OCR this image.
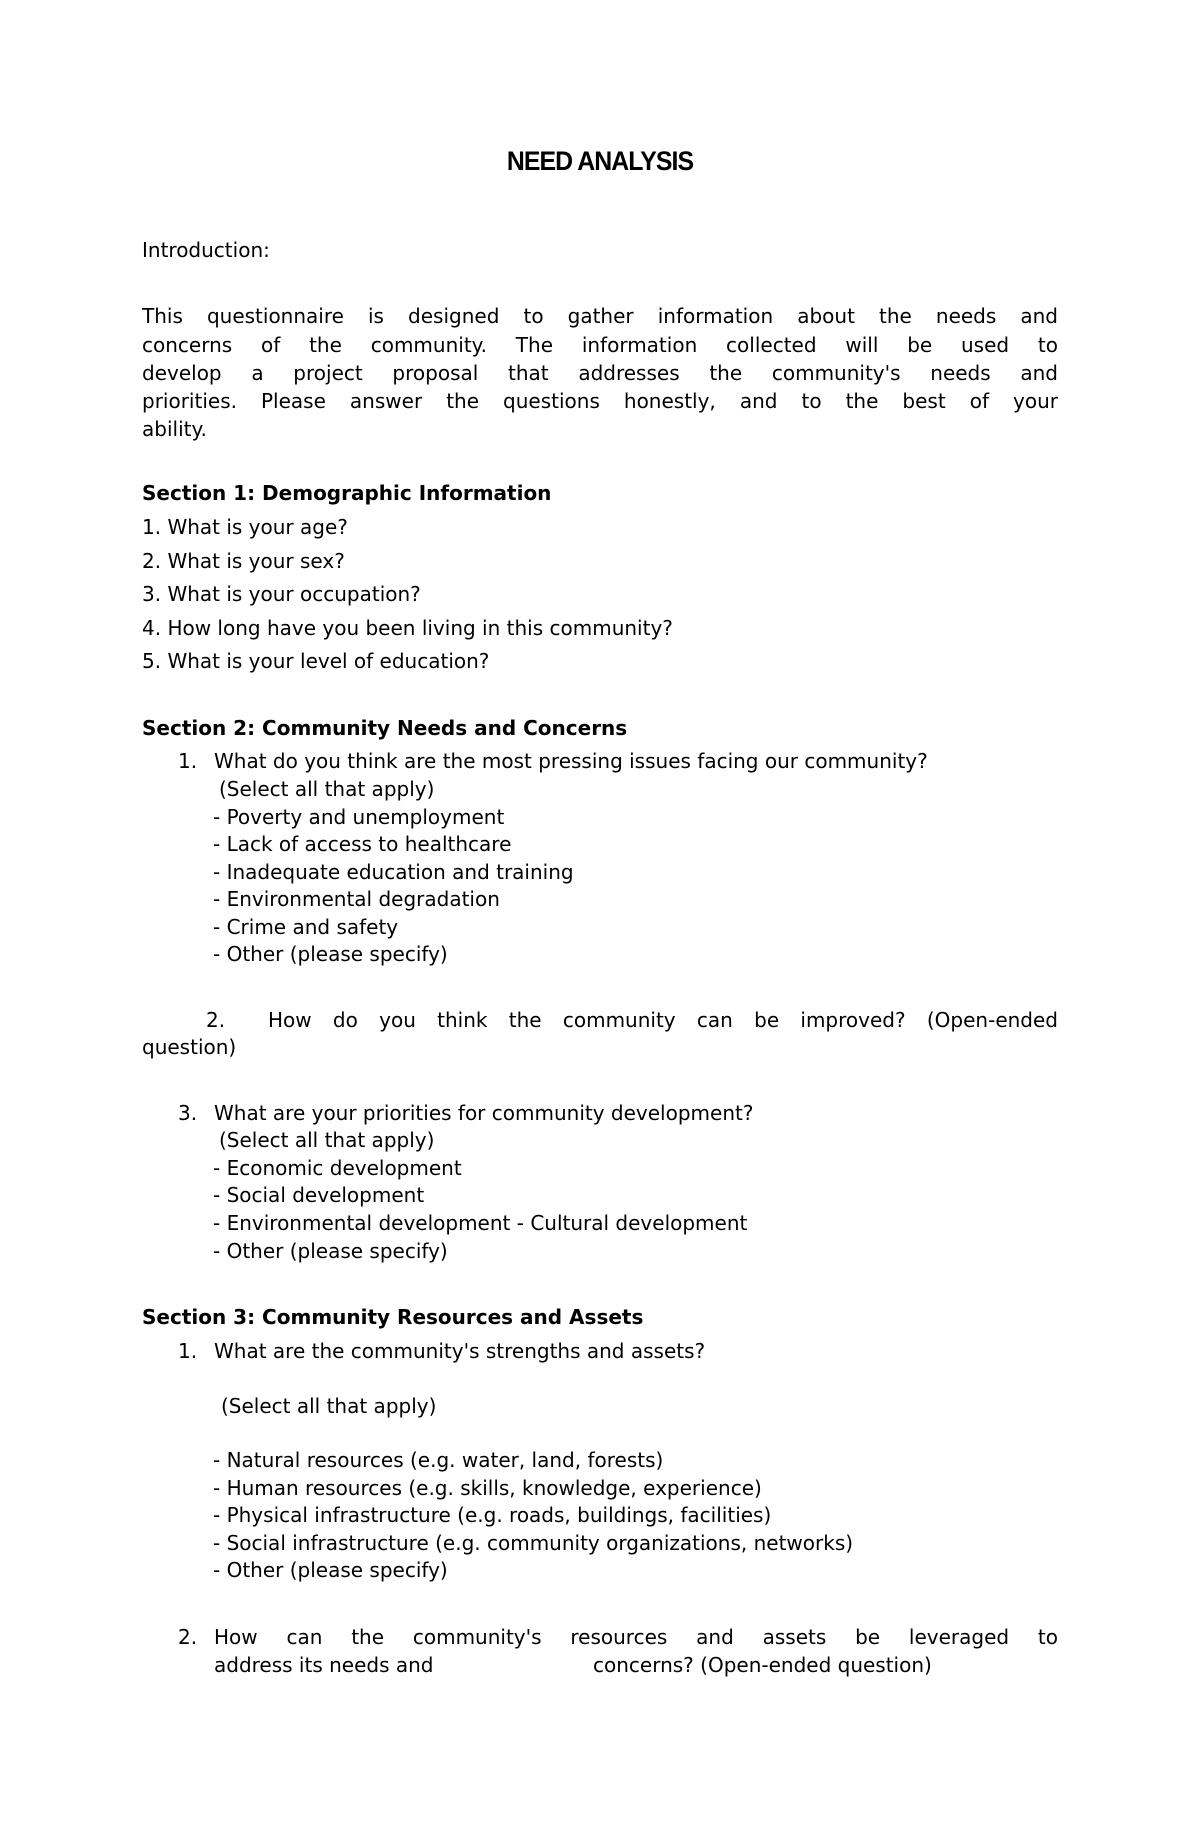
NEED ANALYSIS
Introduction:
This questionnaire is designed to gather information about the needs and
concerns of the community. The information collected will be used to
develop a project proposal that addresses the community's needs and
priorities. Please answer the questions honestly, and to the best of your
ability.
Section 1: Demographic Information
1. What is your age?
2. What is your sex?
3. What is your occupation?
4. How long have you been living in this community?
5. What is your level of education?
Section 2: Community Needs and Concerns
1. What do you think are the most pressing issues facing our community?
(Select all that apply)
- Poverty and unemployment
- Lack of access to healthcare
- Inadequate education and training
- Environmental degradation
- Crime and safety
- Other (please specify)
2. How do you think the community can be improved? (Open-ended
question)
3. What are your priorities for community development?
(Select all that apply)
- Economic development
- Social development
- Environmental development - Cultural development
- Other (please specify)
Section 3: Community Resources and Assets
1. What are the community's strengths and assets?
(Select all that apply)
- Natural resources (e.g. water, land, forests)
- Human resources (e.g. skills, knowledge, experience)
- Physical infrastructure (e.g. roads, buildings, facilities)
- Social infrastructure (e.g. community organizations, networks)
- Other (please specify)
2. How can the community's resources and assets be leveraged to
address its needs and	concerns? (Open-ended question)
